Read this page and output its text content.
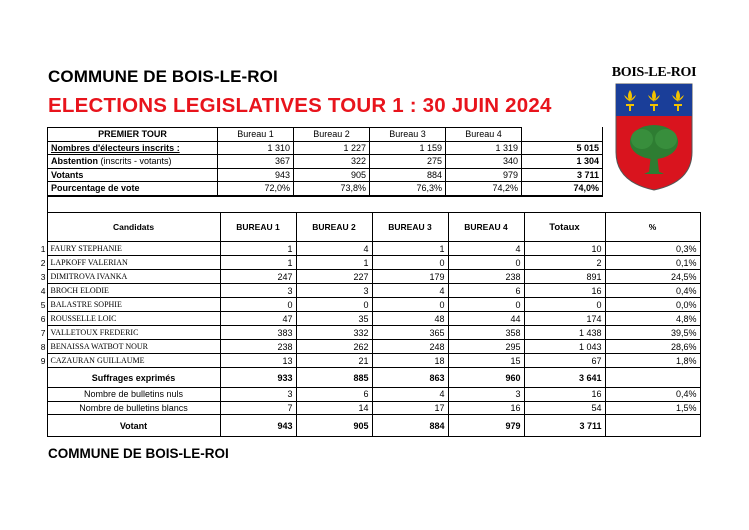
COMMUNE DE BOIS-LE-ROI
ELECTIONS LEGISLATIVES TOUR 1 : 30 JUIN 2024
BOIS-LE-ROI
PREMIER TOUR	Bureau 1	Bureau 2	Bureau 3	Bureau 4	
Nombres d'électeurs inscrits :	1 310	1 227	1 159	1 319	5 015
Abstention (inscrits - votants)	367	322	275	340	1 304
Votants	943	905	884	979	3 711
Pourcentage de vote	72,0%	73,8%	76,3%	74,2%	74,0%
	Candidats	BUREAU 1	BUREAU 2	BUREAU 3	BUREAU 4	Totaux	%
1	FAURY STEPHANIE	1	4	1	4	10	0,3%
2	LAPKOFF VALERIAN	1	1	0	0	2	0,1%
3	DIMITROVA IVANKA	247	227	179	238	891	24,5%
4	BROCH ELODIE	3	3	4	6	16	0,4%
5	BALASTRE SOPHIE	0	0	0	0	0	0,0%
6	ROUSSELLE LOIC	47	35	48	44	174	4,8%
7	VALLETOUX FREDERIC	383	332	365	358	1 438	39,5%
8	BENAISSA WATBOT NOUR	238	262	248	295	1 043	28,6%
9	CAZAURAN GUILLAUME	13	21	18	15	67	1,8%
	Suffrages exprimés	933	885	863	960	3 641	
	Nombre de bulletins nuls	3	6	4	3	16	0,4%
	Nombre de bulletins blancs	7	14	17	16	54	1,5%
	Votant	943	905	884	979	3 711	
COMMUNE DE BOIS-LE-ROI
